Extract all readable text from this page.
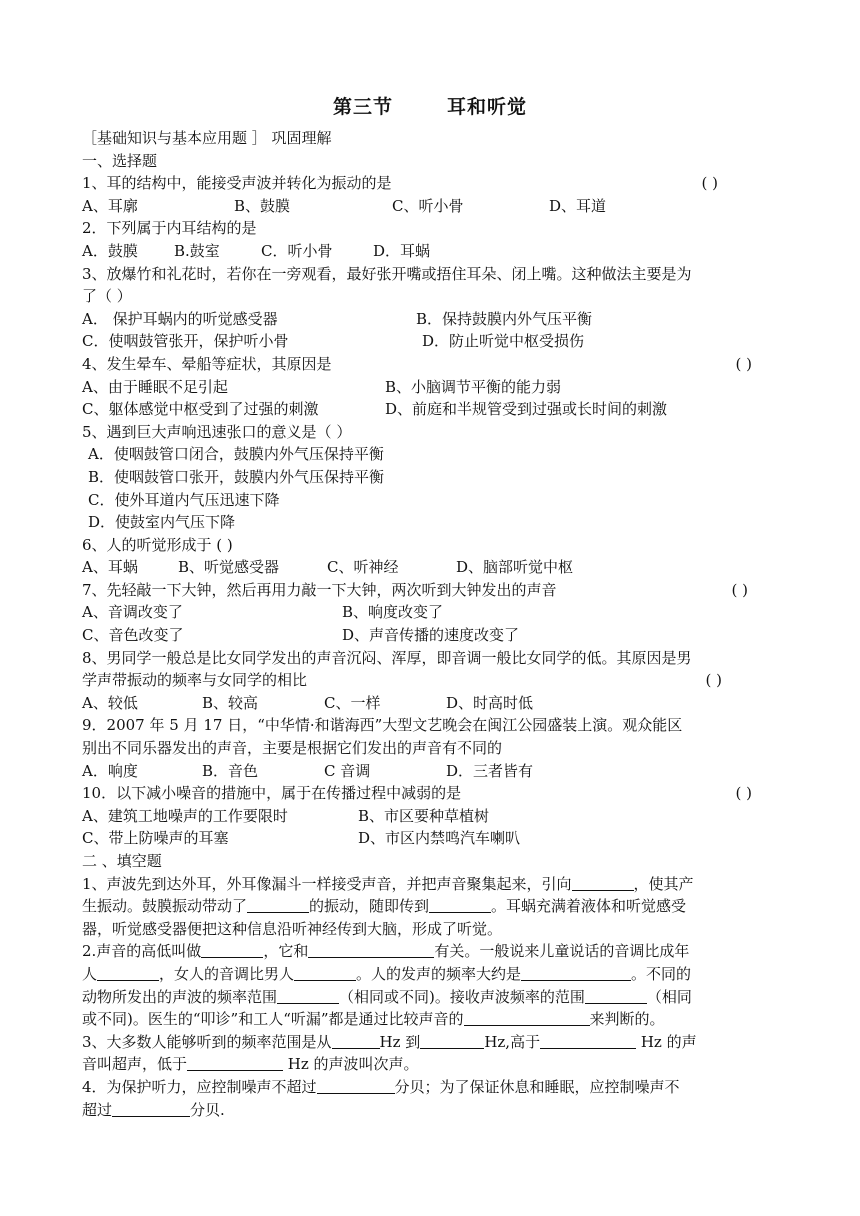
第三节	耳和听觉
［基础知识与基本应用题 ］ 巩固理解
一、选择题
1、耳的结构中，能接受声波并转化为振动的是	( )
A、耳廓	B、鼓膜	C、听小骨	D、耳道
2．下列属于内耳结构的是
A．鼓膜	B.鼓室	C．听小骨	D．耳蜗
3、放爆竹和礼花时，若你在一旁观看，最好张开嘴或捂住耳朵、闭上嘴。这种做法主要是为
了（ ）
A． 保护耳蜗内的听觉感受器	B．保持鼓膜内外气压平衡
C．使咽鼓管张开，保护听小骨	D．防止听觉中枢受损伤
4、发生晕车、晕船等症状，其原因是	( )
A、由于睡眠不足引起	B、小脑调节平衡的能力弱
C、躯体感觉中枢受到了过强的刺激	D、前庭和半规管受到过强或长时间的刺激
5、遇到巨大声响迅速张口的意义是（ ）
A．使咽鼓管口闭合，鼓膜内外气压保持平衡
B．使咽鼓管口张开，鼓膜内外气压保持平衡
C．使外耳道内气压迅速下降
D．使鼓室内气压下降
6、人的听觉形成于 ( )
A、耳蜗	B、听觉感受器	C、听神经	D、脑部听觉中枢
7、先轻敲一下大钟，然后再用力敲一下大钟，两次听到大钟发出的声音	( )
A、音调改变了	B、响度改变了
C、音色改变了	D、声音传播的速度改变了
8、男同学一般总是比女同学发出的声音沉闷、浑厚，即音调一般比女同学的低。其原因是男
学声带振动的频率与女同学的相比	( )
A、较低	B、较高	C、一样	D、时高时低
9．2007 年 5 月 17 日，“中华情·和谐海西”大型文艺晚会在闽江公园盛装上演。观众能区
别出不同乐器发出的声音，主要是根据它们发出的声音有不同的
A．响度	B．音色	C 音调	D．三者皆有
10．以下减小噪音的措施中，属于在传播过程中减弱的是	( )
A、建筑工地噪声的工作要限时	B、市区要种草植树
C、带上防噪声的耳塞	D、市区内禁鸣汽车喇叭
二 、填空题
1、声波先到达外耳，外耳像漏斗一样接受声音，并把声音聚集起来，引向	，使其产
生振动。鼓膜振动带动了	的振动，随即传到	。耳蜗充满着液体和听觉感受
器，听觉感受器便把这种信息沿听神经传到大脑，形成了听觉。
2.声音的高低叫做	，它和	有关。一般说来儿童说话的音调比成年
人	，女人的音调比男人	。人的发声的频率大约是	。不同的
动物所发出的声波的频率范围	（相同或不同)。接收声波频率的范围	（相同
或不同)。医生的“叩诊”和工人“听漏”都是通过比较声音的	来判断的。
3、大多数人能够听到的频率范围是从	Hz 到	Hz,高于	Hz 的声
音叫超声，低于	Hz 的声波叫次声。
4．为保护听力，应控制噪声不超过	分贝；为了保证休息和睡眠，应控制噪声不
超过	分贝.
